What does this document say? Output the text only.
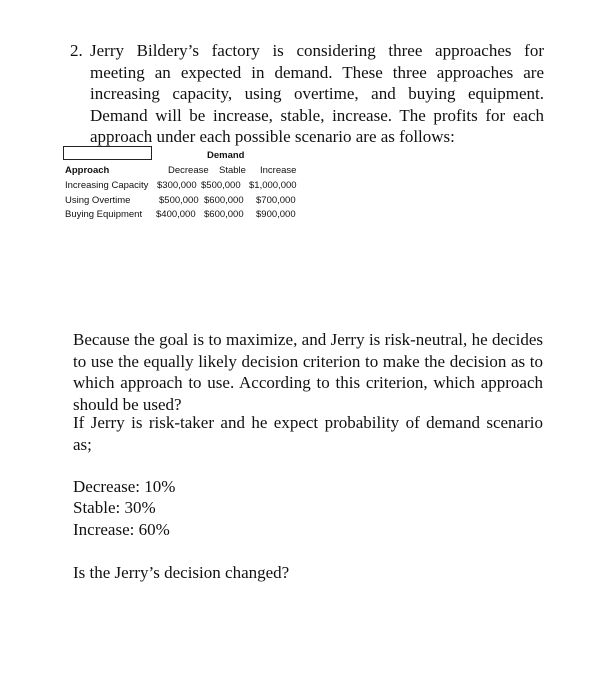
2. Jerry Bildery’s factory is considering three approaches for meeting an expected in demand. These three approaches are increasing capacity, using overtime, and buying equipment. Demand will be increase, stable, increase. The profits for each approach under each possible scenario are as follows:
Demand
Approach	Decrease Stable Increase
Increasing Capacity $300,000 $500,000 $1,000,000
Using Overtime	$500,000 $600,000 $700,000
Buying Equipment $400,000 $600,000 $900,000

Because the goal is to maximize, and Jerry is risk-neutral, he decides to use the equally likely decision criterion to make the decision as to which approach to use. According to this criterion, which approach should be used?

If Jerry is risk-taker and he expect probability of demand scenario as;

Decrease: 10%

Stable: 30%

Increase: 60%

Is the Jerry’s decision changed?
